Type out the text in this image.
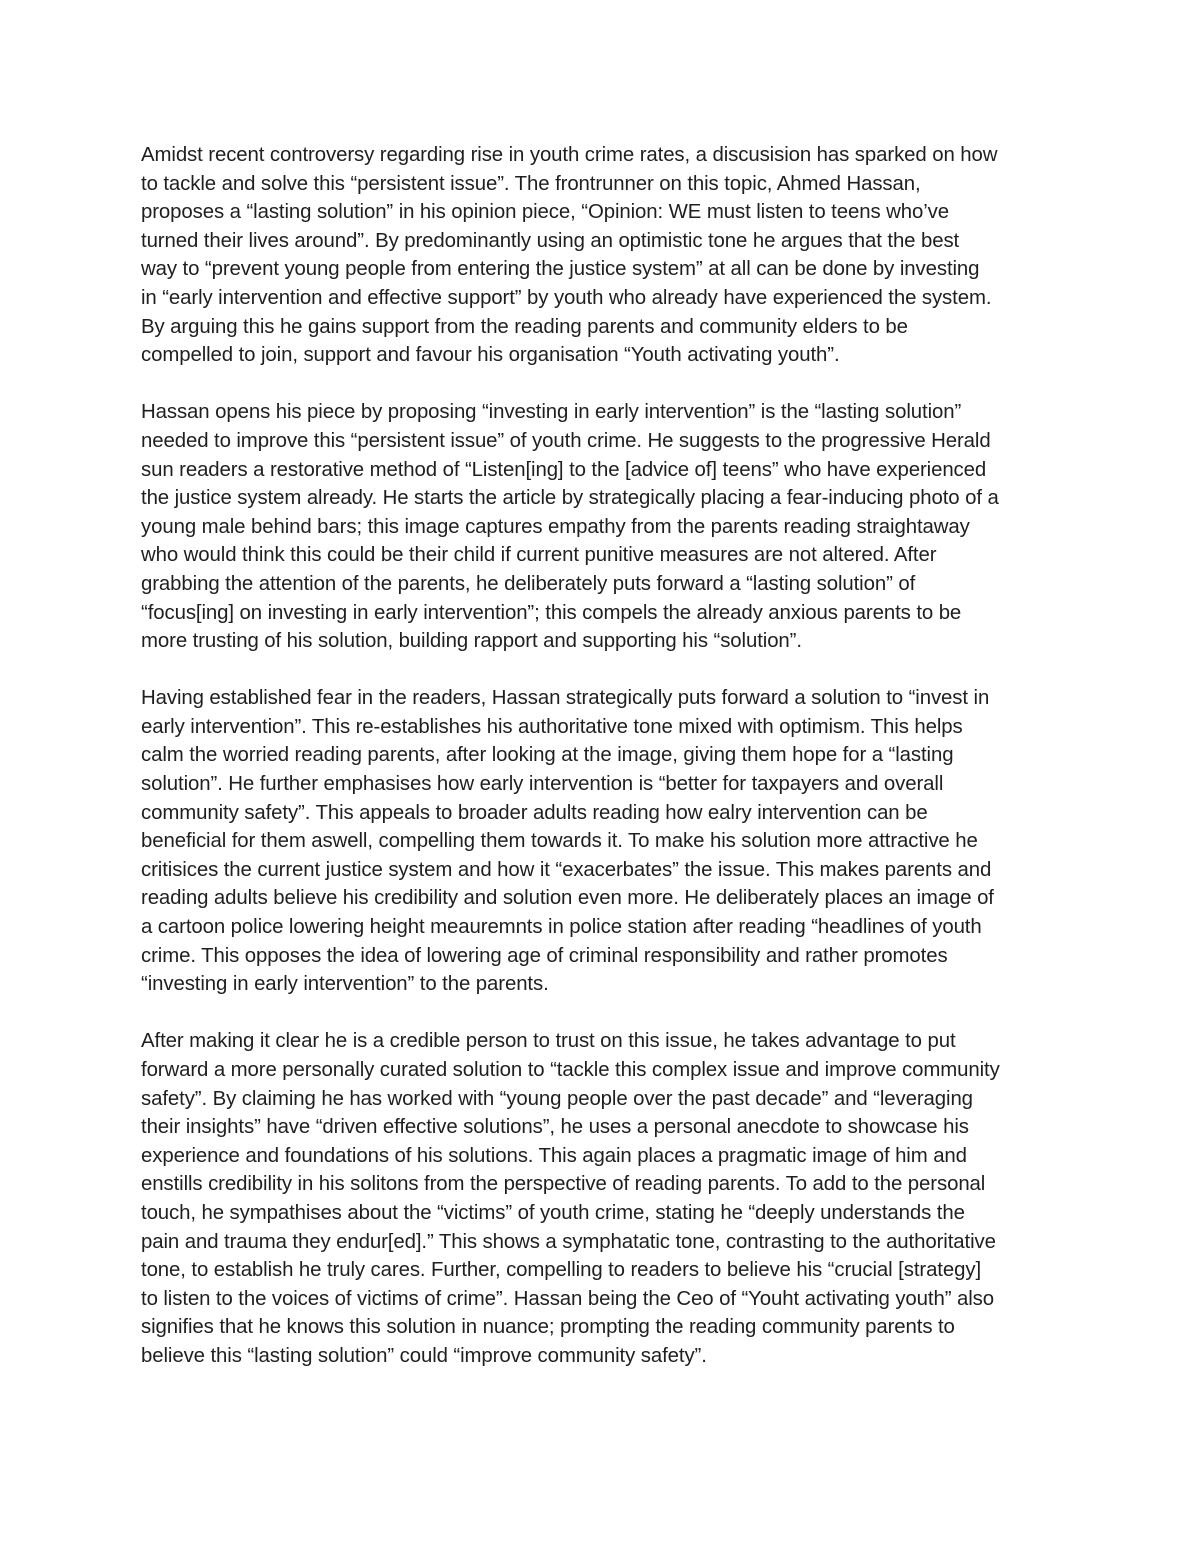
Amidst recent controversy regarding rise in youth crime rates, a discusision has sparked on how
to tackle and solve this “persistent issue”. The frontrunner on this topic, Ahmed Hassan,
proposes a “lasting solution” in his opinion piece, “Opinion: WE must listen to teens who’ve
turned their lives around”. By predominantly using an optimistic tone he argues that the best
way to “prevent young people from entering the justice system” at all can be done by investing
in “early intervention and effective support” by youth who already have experienced the system.
By arguing this he gains support from the reading parents and community elders to be
compelled to join, support and favour his organisation “Youth activating youth”.
Hassan opens his piece by proposing “investing in early intervention” is the “lasting solution”
needed to improve this “persistent issue” of youth crime. He suggests to the progressive Herald
sun readers a restorative method of “Listen[ing] to the [advice of] teens” who have experienced
the justice system already. He starts the article by strategically placing a fear-inducing photo of a
young male behind bars; this image captures empathy from the parents reading straightaway
who would think this could be their child if current punitive measures are not altered. After
grabbing the attention of the parents, he deliberately puts forward a “lasting solution” of
“focus[ing] on investing in early intervention”; this compels the already anxious parents to be
more trusting of his solution, building rapport and supporting his “solution”.
Having established fear in the readers, Hassan strategically puts forward a solution to “invest in
early intervention”. This re-establishes his authoritative tone mixed with optimism. This helps
calm the worried reading parents, after looking at the image, giving them hope for a “lasting
solution”. He further emphasises how early intervention is “better for taxpayers and overall
community safety”. This appeals to broader adults reading how ealry intervention can be
beneficial for them aswell, compelling them towards it. To make his solution more attractive he
critisices the current justice system and how it “exacerbates” the issue. This makes parents and
reading adults believe his credibility and solution even more. He deliberately places an image of
a cartoon police lowering height meauremnts in police station after reading “headlines of youth
crime. This opposes the idea of lowering age of criminal responsibility and rather promotes
“investing in early intervention” to the parents.
After making it clear he is a credible person to trust on this issue, he takes advantage to put
forward a more personally curated solution to “tackle this complex issue and improve community
safety”. By claiming he has worked with “young people over the past decade” and “leveraging
their insights” have “driven effective solutions”, he uses a personal anecdote to showcase his
experience and foundations of his solutions. This again places a pragmatic image of him and
enstills credibility in his solitons from the perspective of reading parents. To add to the personal
touch, he sympathises about the “victims” of youth crime, stating he “deeply understands the
pain and trauma they endur[ed].” This shows a symphatatic tone, contrasting to the authoritative
tone, to establish he truly cares. Further, compelling to readers to believe his “crucial [strategy]
to listen to the voices of victims of crime”. Hassan being the Ceo of “Youht activating youth” also
signifies that he knows this solution in nuance; prompting the reading community parents to
believe this “lasting solution” could “improve community safety”.
